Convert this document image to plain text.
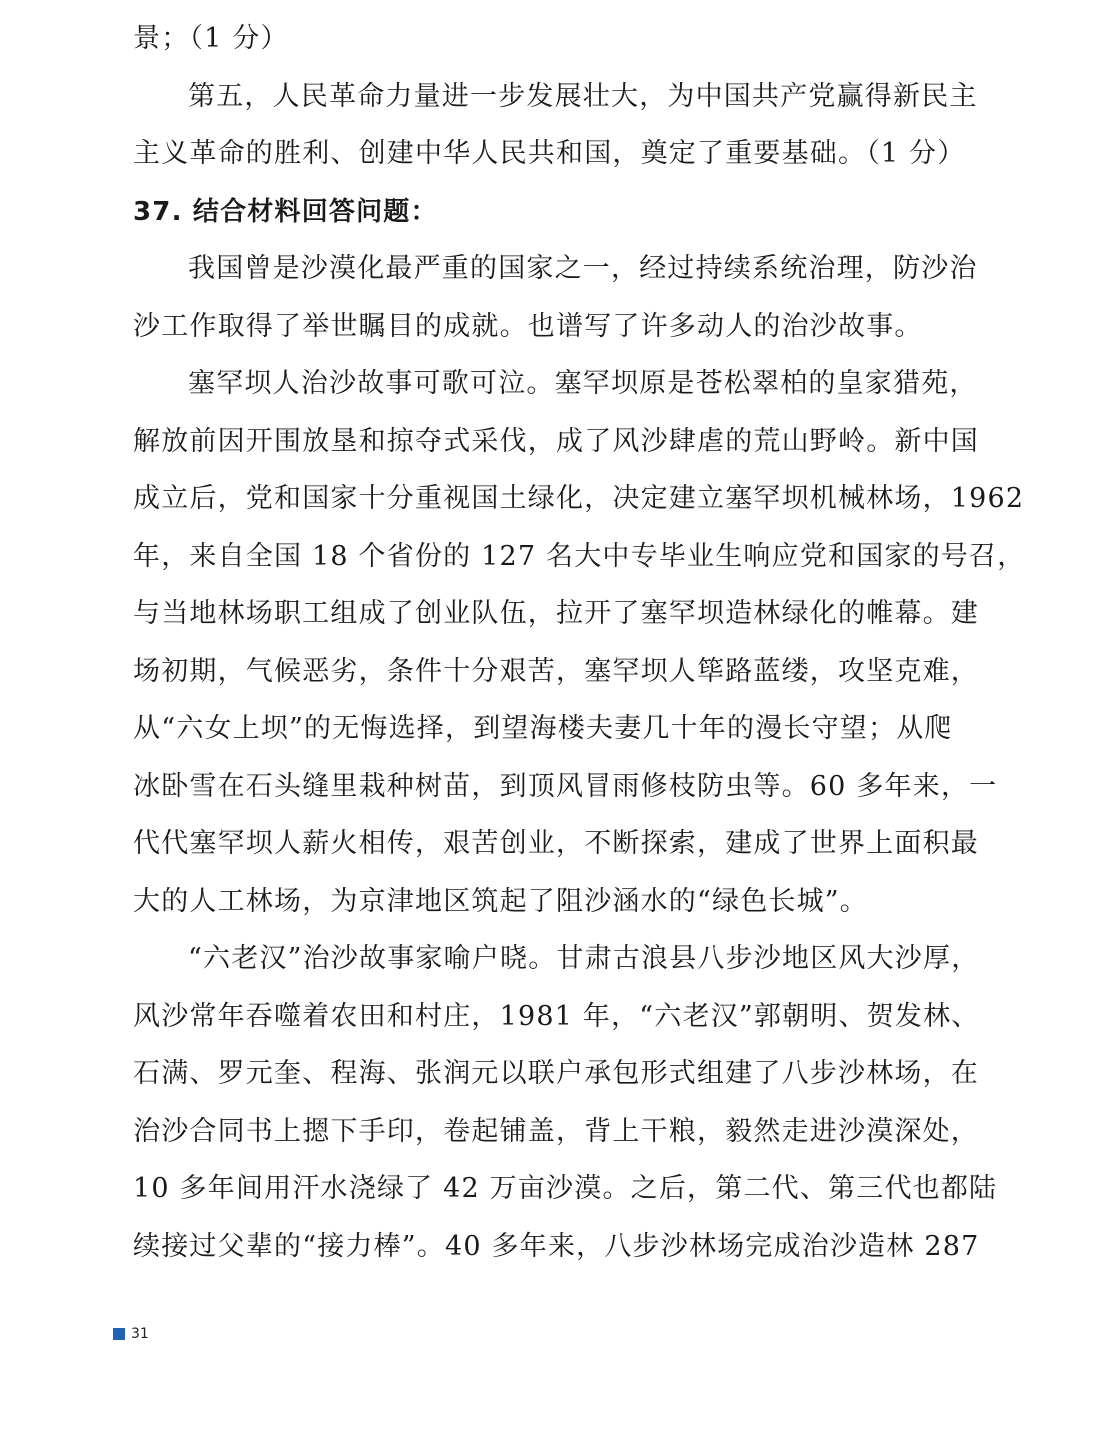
景；（1 分）
第五，人民革命力量进一步发展壮大，为中国共产党赢得新民主
主义革命的胜利、创建中华人民共和国，奠定了重要基础。（1 分）
37. 结合材料回答问题：
我国曾是沙漠化最严重的国家之一，经过持续系统治理，防沙治
沙工作取得了举世瞩目的成就。也谱写了许多动人的治沙故事。
塞罕坝人治沙故事可歌可泣。塞罕坝原是苍松翠柏的皇家猎苑，
解放前因开围放垦和掠夺式采伐，成了风沙肆虐的荒山野岭。新中国
成立后，党和国家十分重视国土绿化，决定建立塞罕坝机械林场，1962
年，来自全国 18 个省份的 127 名大中专毕业生响应党和国家的号召，
与当地林场职工组成了创业队伍，拉开了塞罕坝造林绿化的帷幕。建
场初期，气候恶劣，条件十分艰苦，塞罕坝人筚路蓝缕，攻坚克难，
从“六女上坝”的无悔选择，到望海楼夫妻几十年的漫长守望；从爬
冰卧雪在石头缝里栽种树苗，到顶风冒雨修枝防虫等。60 多年来，一
代代塞罕坝人薪火相传，艰苦创业，不断探索，建成了世界上面积最
大的人工林场，为京津地区筑起了阻沙涵水的“绿色长城”。
“六老汉”治沙故事家喻户晓。甘肃古浪县八步沙地区风大沙厚，
风沙常年吞噬着农田和村庄，1981 年，“六老汉”郭朝明、贺发林、
石满、罗元奎、程海、张润元以联户承包形式组建了八步沙林场，在
治沙合同书上摁下手印，卷起铺盖，背上干粮，毅然走进沙漠深处，
10 多年间用汗水浇绿了 42 万亩沙漠。之后，第二代、第三代也都陆
续接过父辈的“接力棒”。40 多年来，八步沙林场完成治沙造林 287
31
